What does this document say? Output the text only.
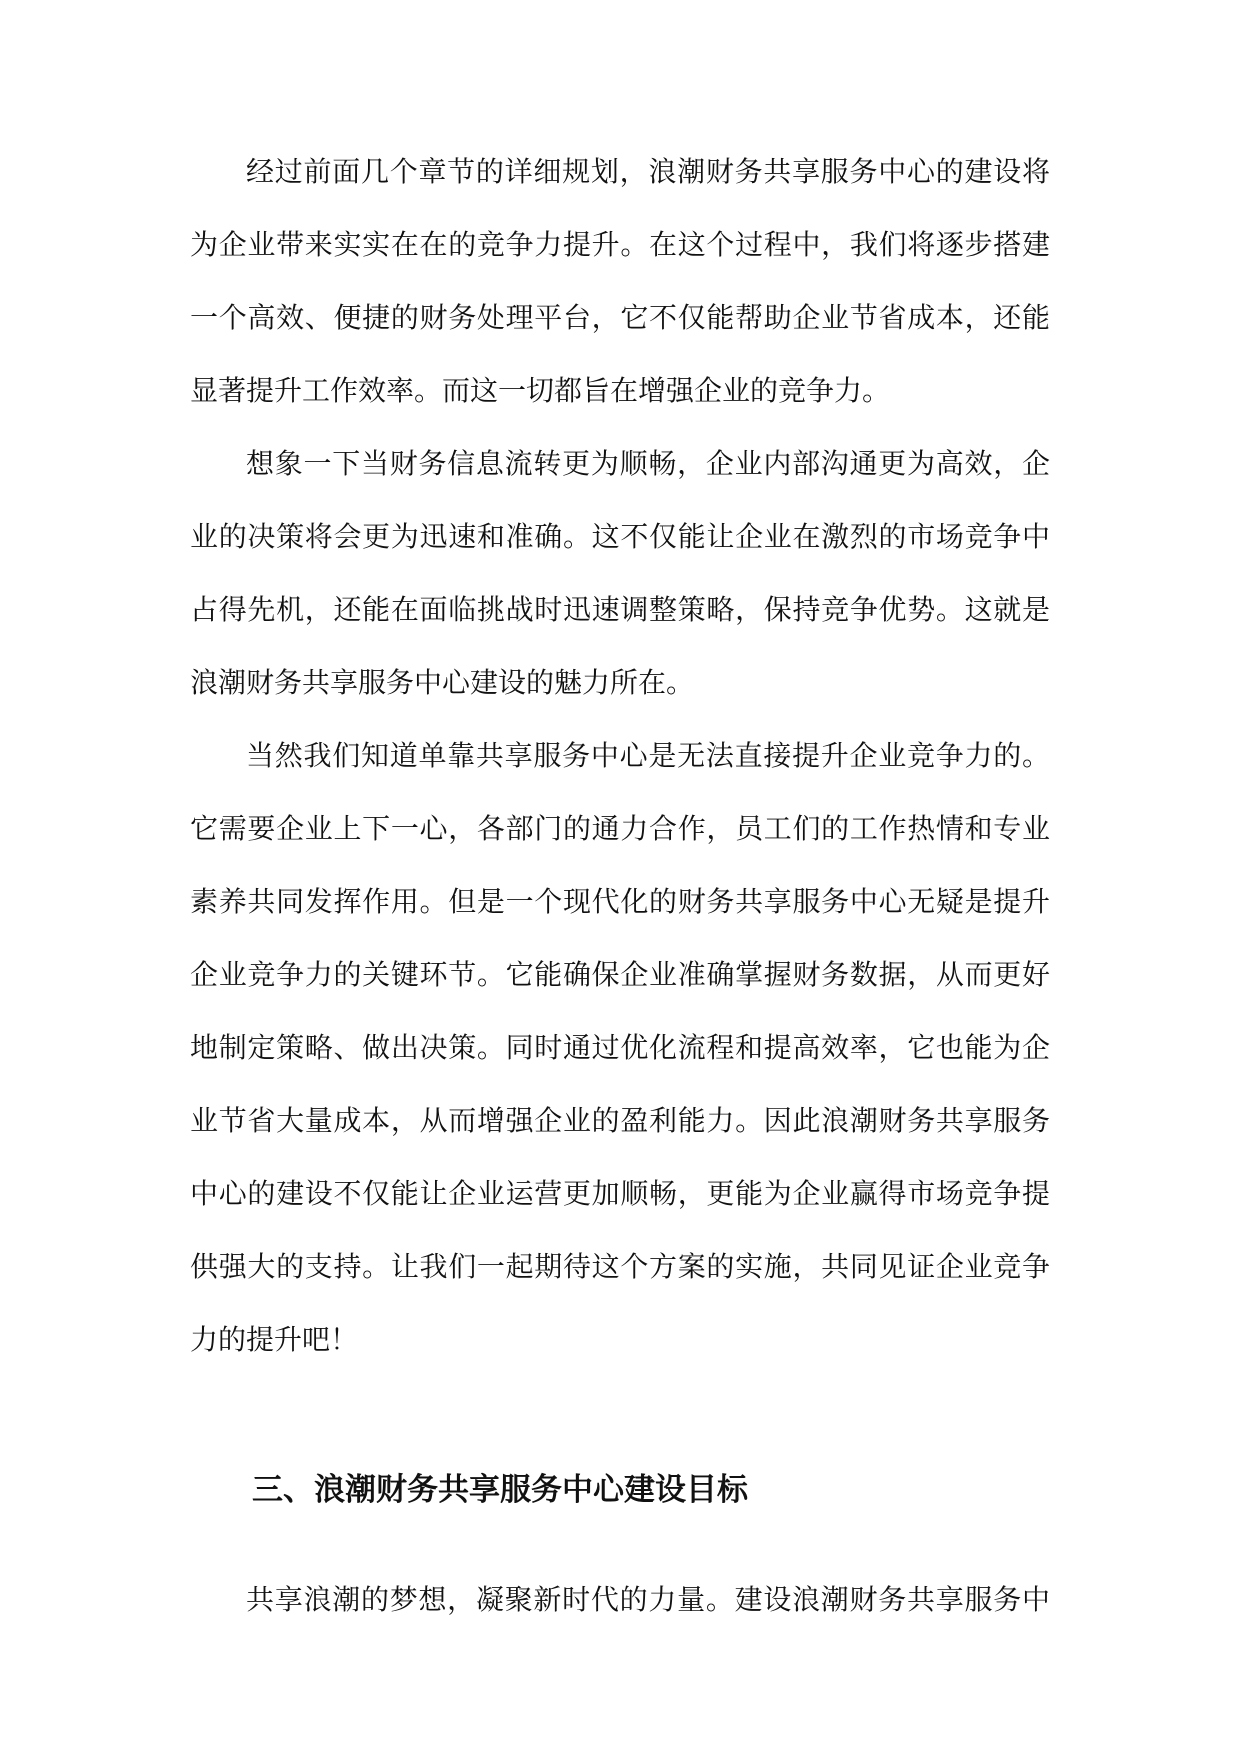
经过前面几个章节的详细规划，浪潮财务共享服务中心的建设将
为企业带来实实在在的竞争力提升。在这个过程中，我们将逐步搭建
一个高效、便捷的财务处理平台，它不仅能帮助企业节省成本，还能
显著提升工作效率。而这一切都旨在增强企业的竞争力。
想象一下当财务信息流转更为顺畅，企业内部沟通更为高效，企
业的决策将会更为迅速和准确。这不仅能让企业在激烈的市场竞争中
占得先机，还能在面临挑战时迅速调整策略，保持竞争优势。这就是
浪潮财务共享服务中心建设的魅力所在。
当然我们知道单靠共享服务中心是无法直接提升企业竞争力的。
它需要企业上下一心，各部门的通力合作，员工们的工作热情和专业
素养共同发挥作用。但是一个现代化的财务共享服务中心无疑是提升
企业竞争力的关键环节。它能确保企业准确掌握财务数据，从而更好
地制定策略、做出决策。同时通过优化流程和提高效率，它也能为企
业节省大量成本，从而增强企业的盈利能力。因此浪潮财务共享服务
中心的建设不仅能让企业运营更加顺畅，更能为企业赢得市场竞争提
供强大的支持。让我们一起期待这个方案的实施，共同见证企业竞争
力的提升吧！
三、浪潮财务共享服务中心建设目标
共享浪潮的梦想，凝聚新时代的力量。建设浪潮财务共享服务中
